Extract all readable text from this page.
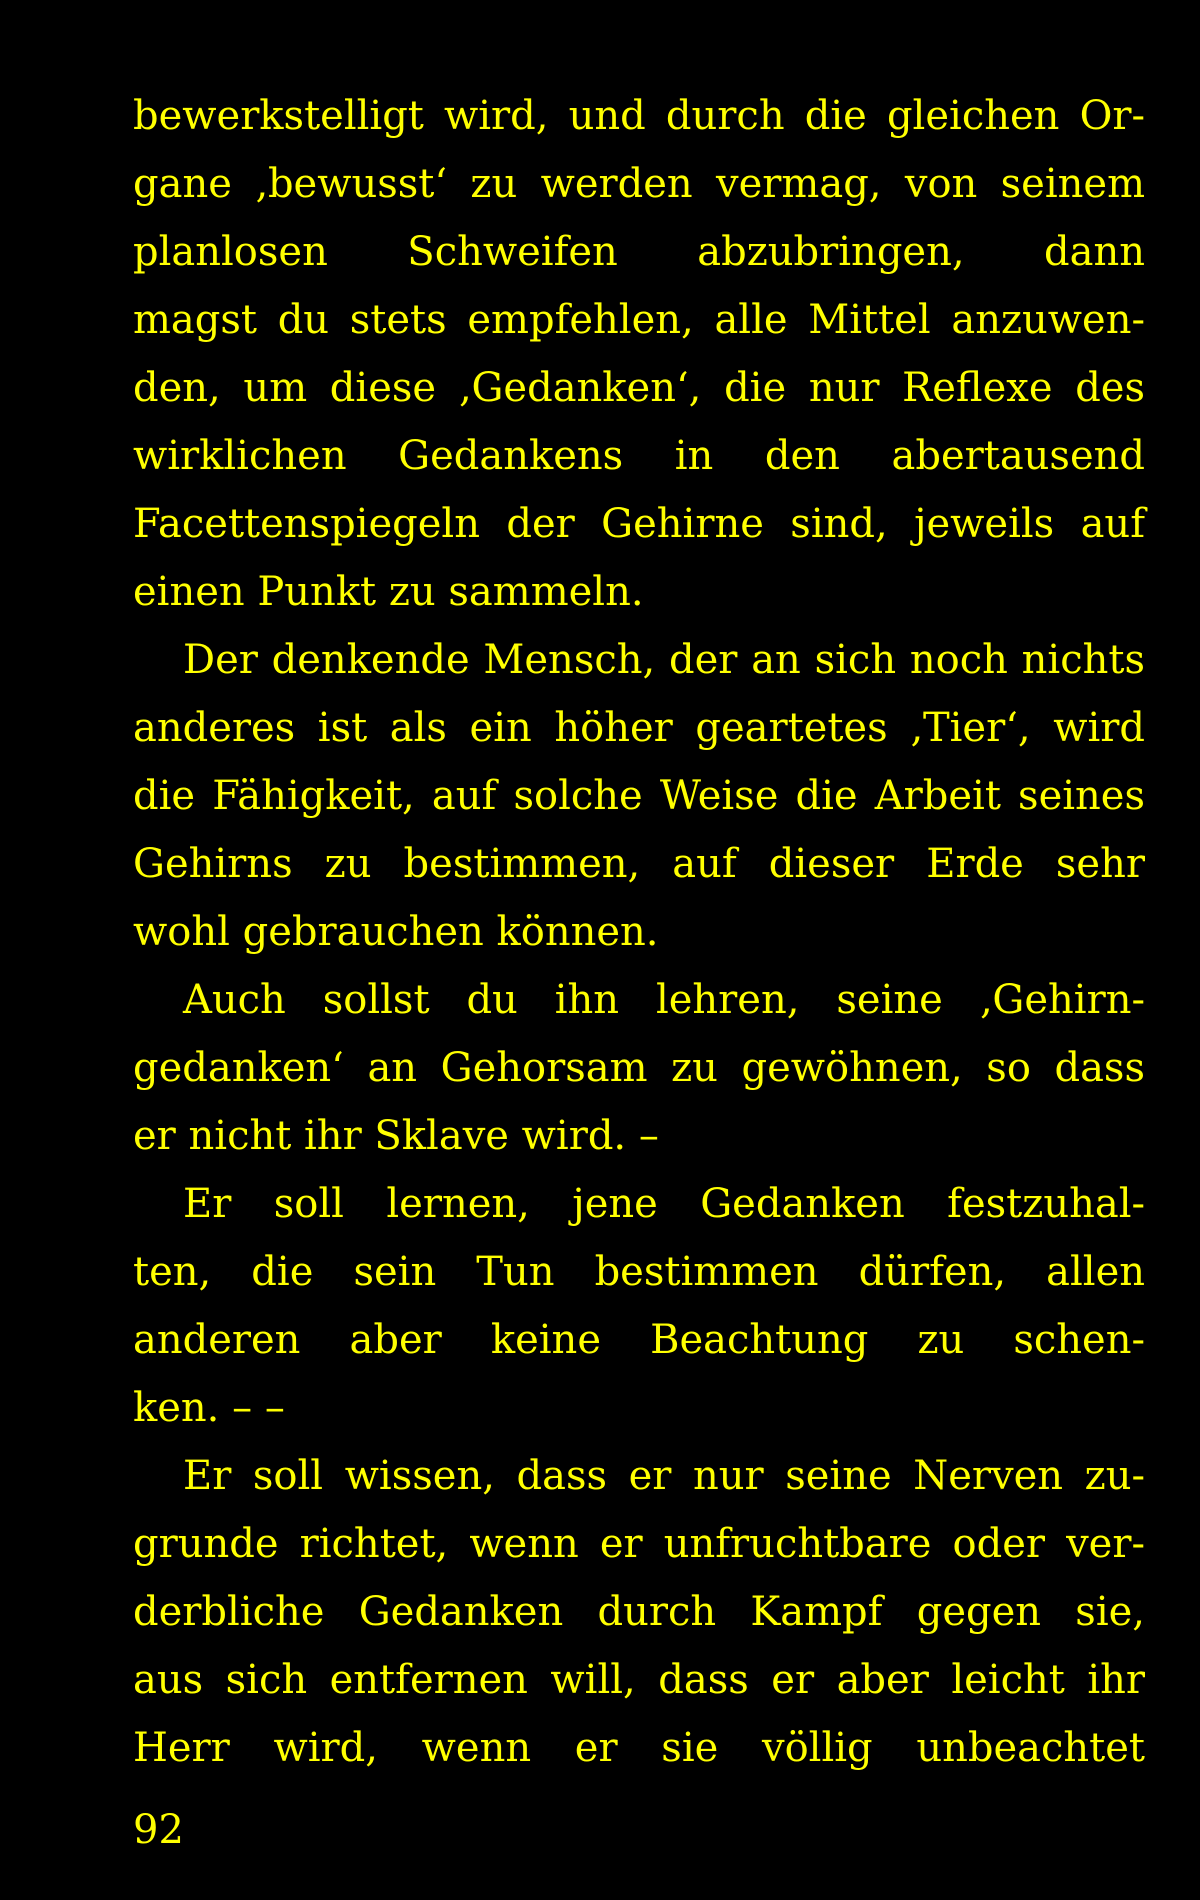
bewerkstelligt wird, und durch die gleichen Or-
gane ‚bewusst‘ zu werden vermag, von seinem
planlosen Schweifen abzubringen, dann
magst du stets empfehlen, alle Mittel anzuwen-
den, um diese ‚Gedanken‘, die nur Reflexe des
wirklichen Gedankens in den abertausend
Facettenspiegeln der Gehirne sind, jeweils auf
einen Punkt zu sammeln.
Der denkende Mensch, der an sich noch nichts
anderes ist als ein höher geartetes ‚Tier‘, wird
die Fähigkeit, auf solche Weise die Arbeit seines
Gehirns zu bestimmen, auf dieser Erde sehr
wohl gebrauchen können.
Auch sollst du ihn lehren, seine ‚Gehirn-
gedanken‘ an Gehorsam zu gewöhnen, so dass
er nicht ihr Sklave wird. –
Er soll lernen, jene Gedanken festzuhal-
ten, die sein Tun bestimmen dürfen, allen
anderen aber keine Beachtung zu schen-
ken. – –
Er soll wissen, dass er nur seine Nerven zu-
grunde richtet, wenn er unfruchtbare oder ver-
derbliche Gedanken durch Kampf gegen sie,
aus sich entfernen will, dass er aber leicht ihr
Herr wird, wenn er sie völlig unbeachtet
92
